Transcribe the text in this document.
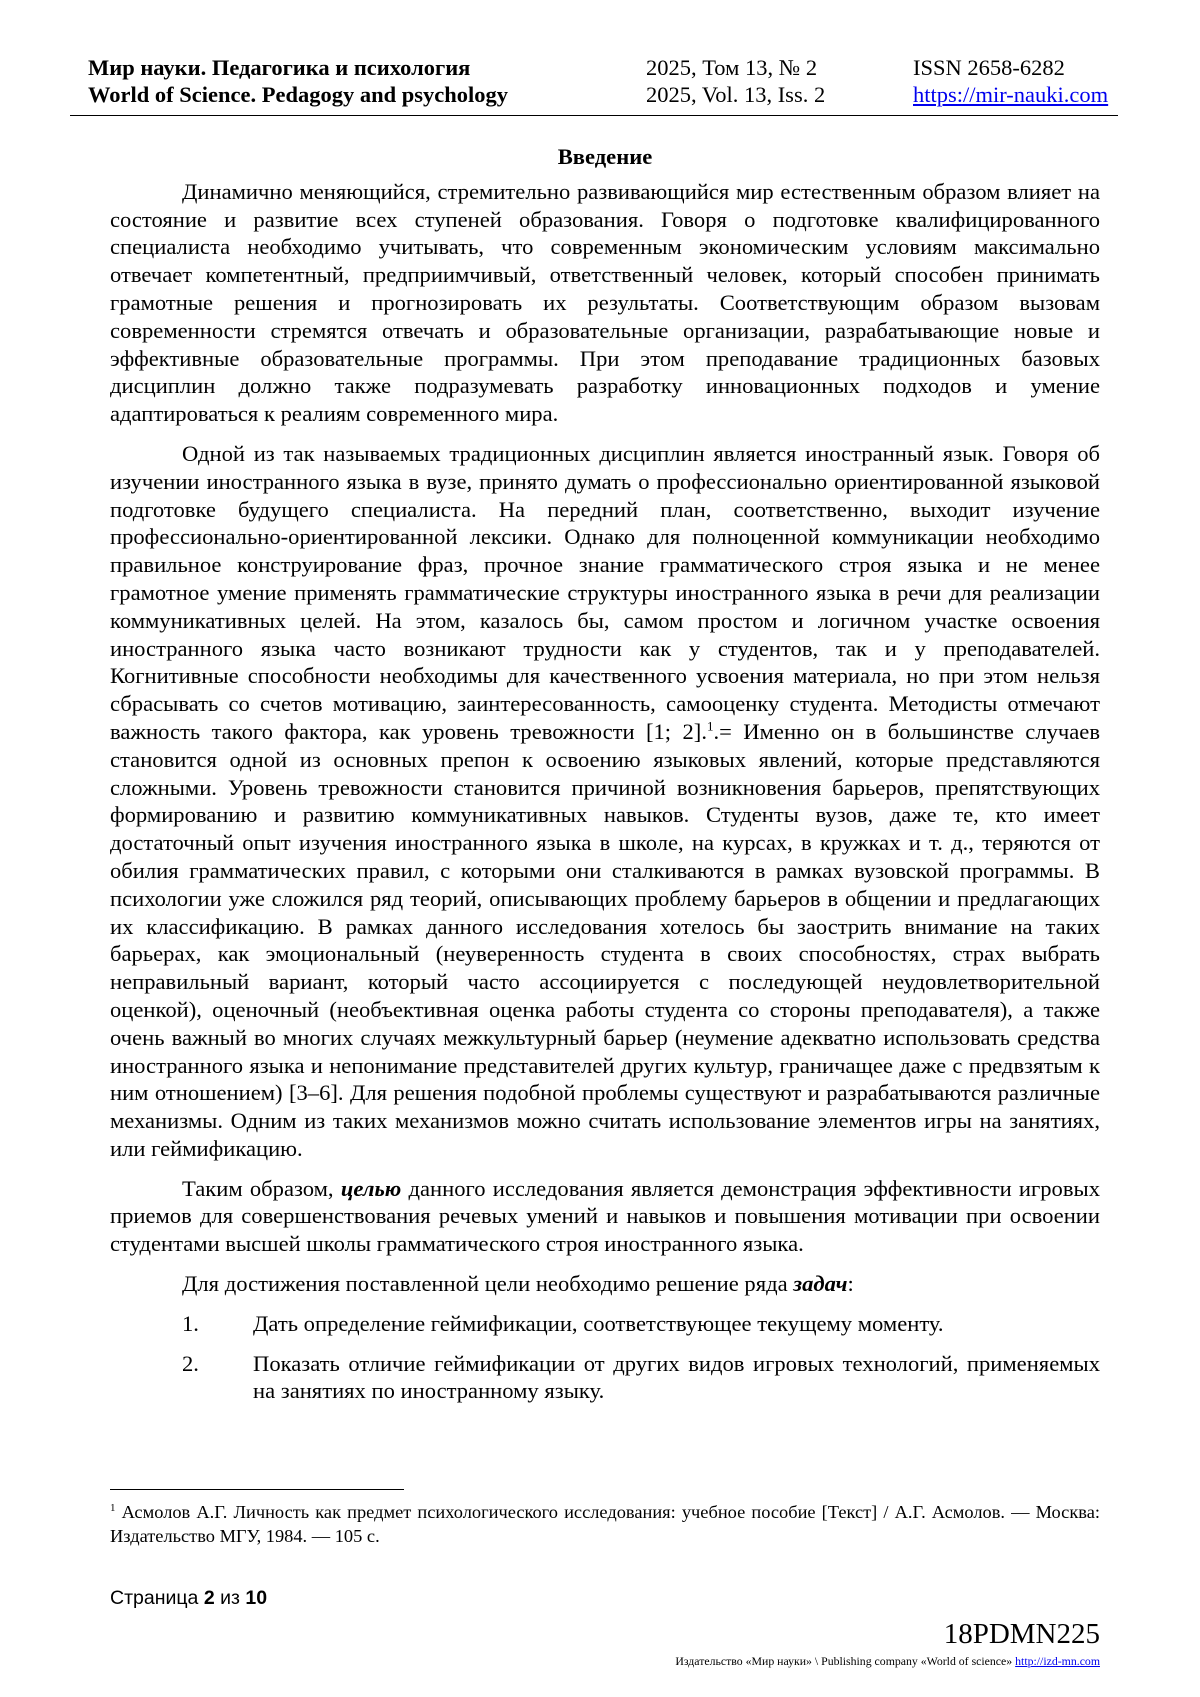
Мир науки. Педагогика и психология
World of Science. Pedagogy and psychology
2025, Том 13, № 2
2025, Vol. 13, Iss. 2
ISSN 2658-6282
https://mir-nauki.com
Введение

Динамично меняющийся, стремительно развивающийся мир естественным образом влияет на состояние и развитие всех ступеней образования. Говоря о подготовке квалифицированного специалиста необходимо учитывать, что современным экономическим условиям максимально отвечает компетентный, предприимчивый, ответственный человек, который способен принимать грамотные решения и прогнозировать их результаты. Соответствующим образом вызовам современности стремятся отвечать и образовательные организации, разрабатывающие новые и эффективные образовательные программы. При этом преподавание традиционных базовых дисциплин должно также подразумевать разработку инновационных подходов и умение адаптироваться к реалиям современного мира.

Одной из так называемых традиционных дисциплин является иностранный язык. Говоря об изучении иностранного языка в вузе, принято думать о профессионально ориентированной языковой подготовке будущего специалиста. На передний план, соответственно, выходит изучение профессионально-ориентированной лексики. Однако для полноценной коммуникации необходимо правильное конструирование фраз, прочное знание грамматического строя языка и не менее грамотное умение применять грамматические структуры иностранного языка в речи для реализации коммуникативных целей. На этом, казалось бы, самом простом и логичном участке освоения иностранного языка часто возникают трудности как у студентов, так и у преподавателей. Когнитивные способности необходимы для качественного усвоения материала, но при этом нельзя сбрасывать со счетов мотивацию, заинтересованность, самооценку студента. Методисты отмечают важность такого фактора, как уровень тревожности [1; 2].$^1$.= Именно он в большинстве случаев становится одной из основных препон к освоению языковых явлений, которые представляются сложными. Уровень тревожности становится причиной возникновения барьеров, препятствующих формированию и развитию коммуникативных навыков. Студенты вузов, даже те, кто имеет достаточный опыт изучения иностранного языка в школе, на курсах, в кружках и т. д., теряются от обилия грамматических правил, с которыми они сталкиваются в рамках вузовской программы. В психологии уже сложился ряд теорий, описывающих проблему барьеров в общении и предлагающих их классификацию. В рамках данного исследования хотелось бы заострить внимание на таких барьерах, как эмоциональный (неуверенность студента в своих способностях, страх выбрать неправильный вариант, который часто ассоциируется с последующей неудовлетворительной оценкой), оценочный (необъективная оценка работы студента со стороны преподавателя), а также очень важный во многих случаях межкультурный барьер (неумение адекватно использовать средства иностранного языка и непонимание представителей других культур, граничащее даже с предвзятым к ним отношением) [3–6]. Для решения подобной проблемы существуют и разрабатываются различные механизмы. Одним из таких механизмов можно считать использование элементов игры на занятиях, или геймификацию.

Таким образом, целью данного исследования является демонстрация эффективности игровых приемов для совершенствования речевых умений и навыков и повышения мотивации при освоении студентами высшей школы грамматического строя иностранного языка.

Для достижения поставленной цели необходимо решение ряда задач:

1. Дать определение геймификации, соответствующее текущему моменту.
2. Показать отличие геймификации от других видов игровых технологий, применяемых на занятиях по иностранному языку.
$^1$ Асмолов А.Г. Личность как предмет психологического исследования: учебное пособие [Текст] / А.Г. Асмолов. — Москва: Издательство МГУ, 1984. — 105 с.
Страница 2 из 10
18PDMN225
Издательство «Мир науки» \ Publishing company «World of science» http://izd-mn.com
